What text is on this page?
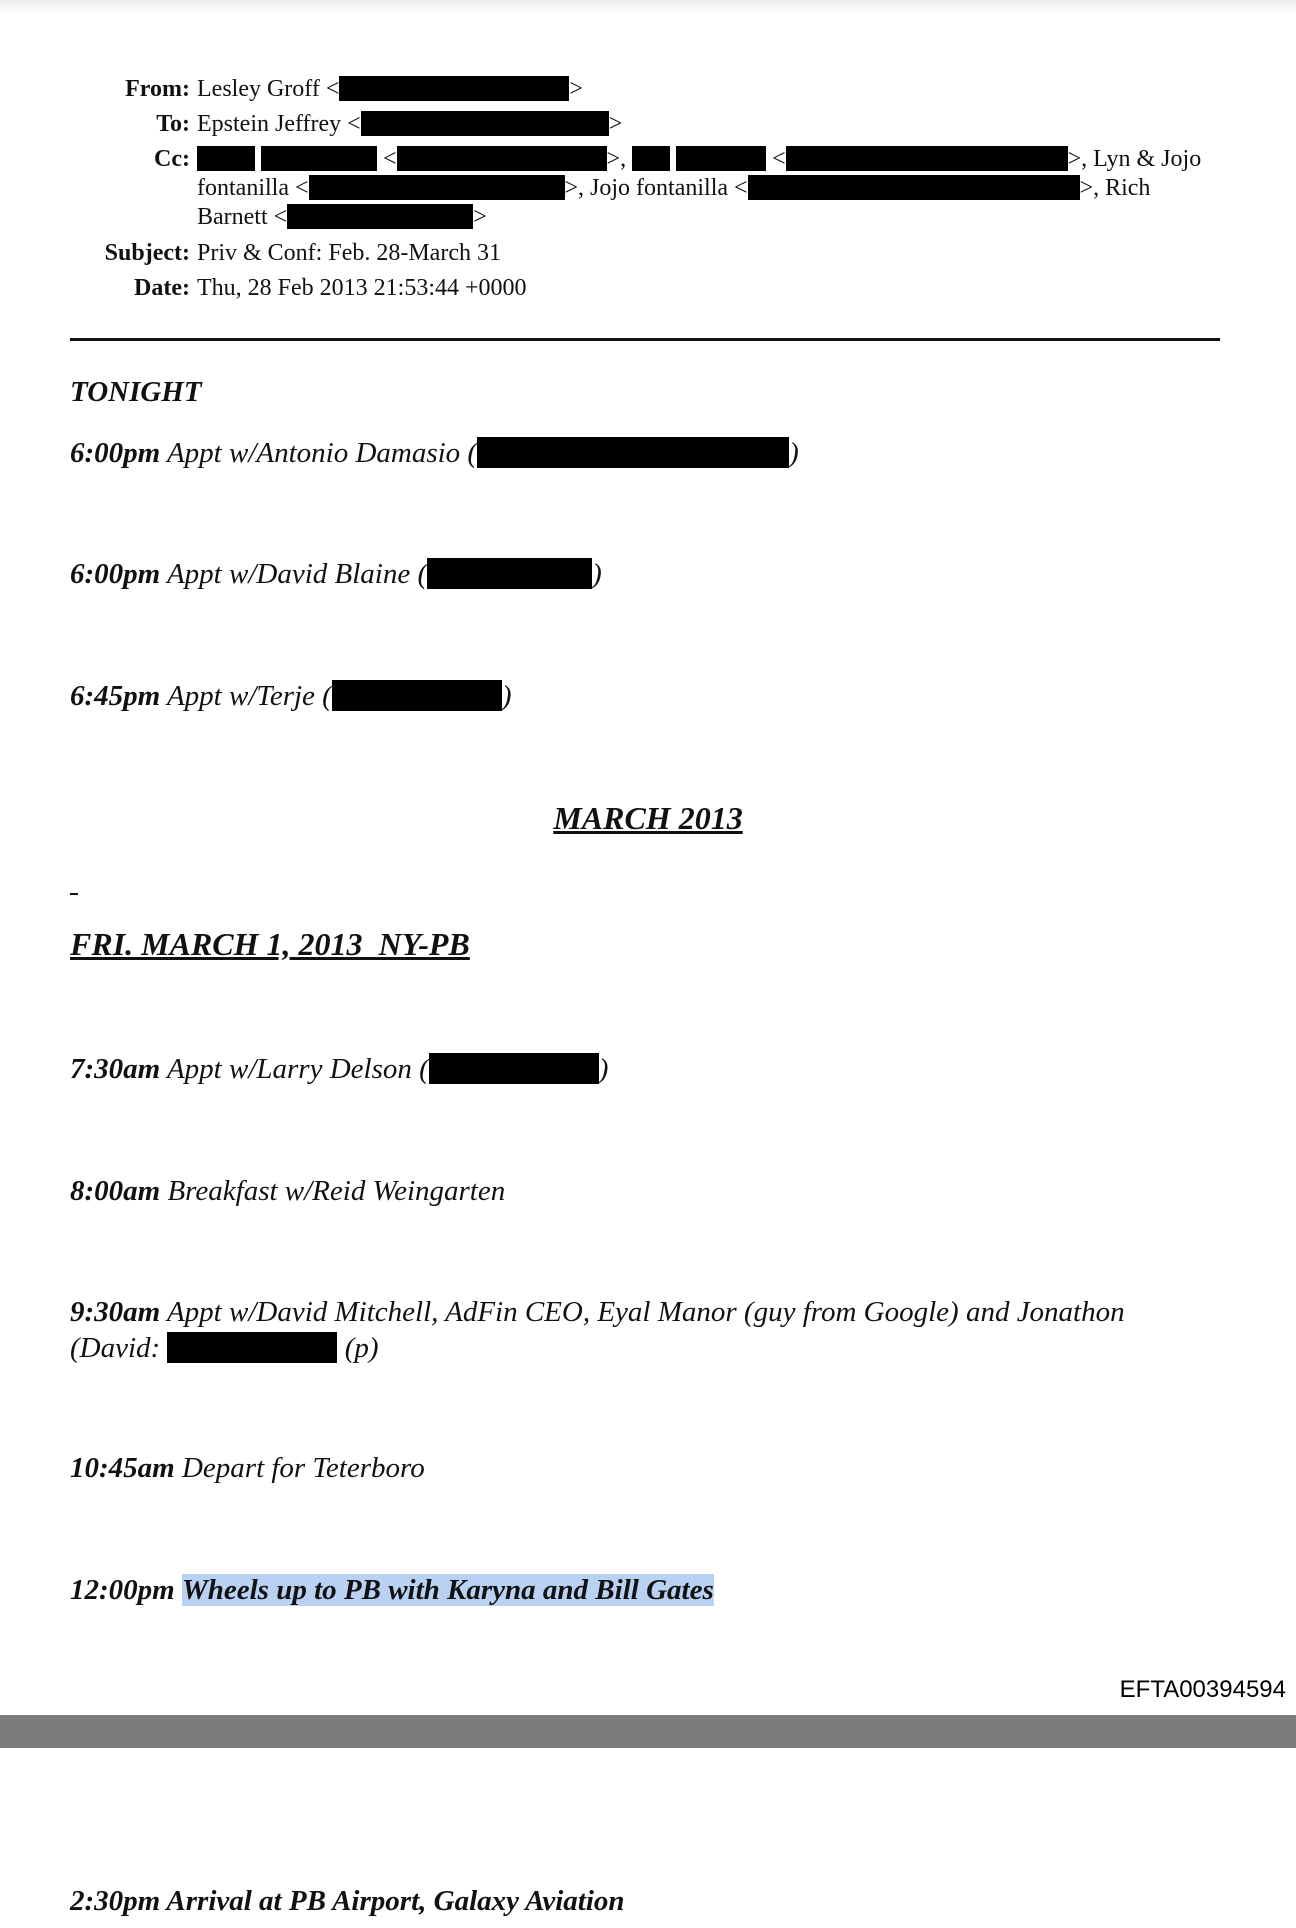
From: Lesley Groff <	>
To: Epstein Jeffrey <	>
Cc:	<	>,	<	>, Lyn & Jojo
fontanilla <	>, Jojo fontanilla <	>, Rich
Barnett <	>
Subject: Priv & Conf: Feb. 28-March 31
Date: Thu, 28 Feb 2013 21:53:44 +0000
TONIGHT
6:00pm Appt w/Antonio Damasio (	)
6:00pm Appt w/David Blaine (	)
6:45pm Appt w/Terje (	)
MARCH 2013
FRI. MARCH 1, 2013  NY-PB
7:30am Appt w/Larry Delson (	)
8:00am Breakfast w/Reid Weingarten
9:30am Appt w/David Mitchell, AdFin CEO, Eyal Manor (guy from Google) and Jonathon
(David:	(p)
10:45am Depart for Teterboro
12:00pm Wheels up to PB with Karyna and Bill Gates
EFTA00394594
2:30pm Arrival at PB Airport, Galaxy Aviation
